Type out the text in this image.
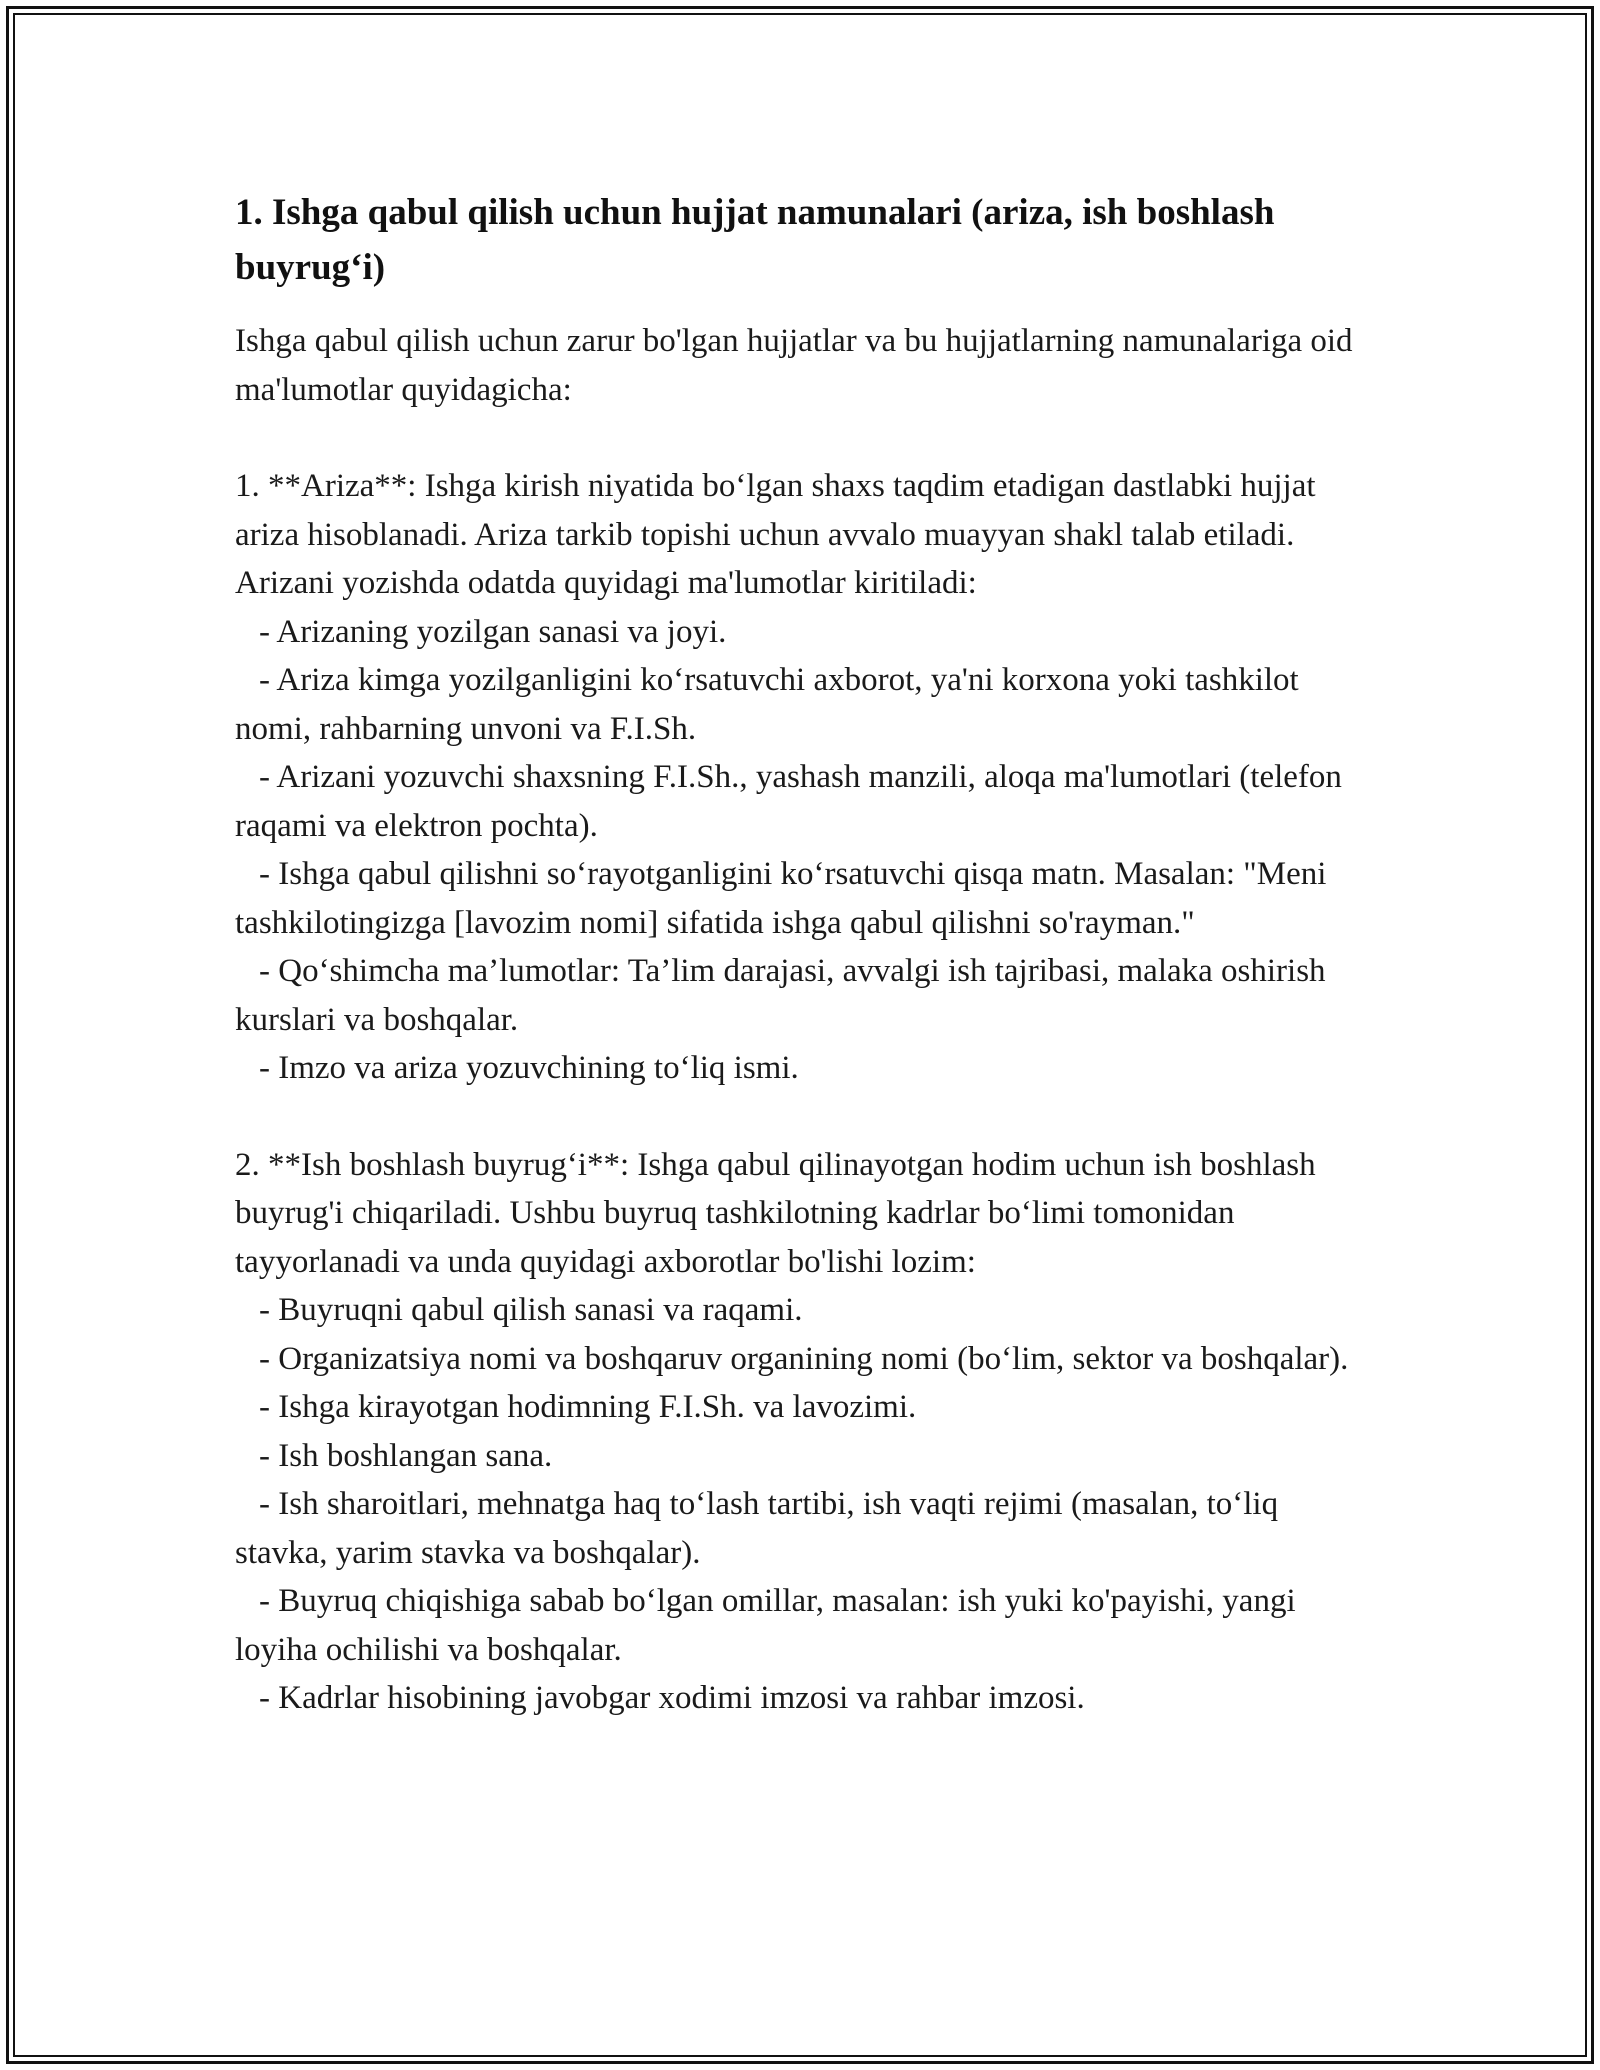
1. Ishga qabul qilish uchun hujjat namunalari (ariza, ish boshlash buyrug‘i)

Ishga qabul qilish uchun zarur bo'lgan hujjatlar va bu hujjatlarning namunalariga oid ma'lumotlar quyidagicha:

1. **Ariza**: Ishga kirish niyatida bo‘lgan shaxs taqdim etadigan dastlabki hujjat ariza hisoblanadi. Ariza tarkib topishi uchun avvalo muayyan shakl talab etiladi. Arizani yozishda odatda quyidagi ma'lumotlar kiritiladi:

- Arizaning yozilgan sanasi va joyi.

- Ariza kimga yozilganligini ko‘rsatuvchi axborot, ya'ni korxona yoki tashkilot nomi, rahbarning unvoni va F.I.Sh.

- Arizani yozuvchi shaxsning F.I.Sh., yashash manzili, aloqa ma'lumotlari (telefon raqami va elektron pochta).

- Ishga qabul qilishni so‘rayotganligini ko‘rsatuvchi qisqa matn. Masalan: "Meni tashkilotingizga [lavozim nomi] sifatida ishga qabul qilishni so'rayman."

- Qo‘shimcha ma’lumotlar: Ta’lim darajasi, avvalgi ish tajribasi, malaka oshirish kurslari va boshqalar.

- Imzo va ariza yozuvchining to‘liq ismi.

2. **Ish boshlash buyrug‘i**: Ishga qabul qilinayotgan hodim uchun ish boshlash buyrug'i chiqariladi. Ushbu buyruq tashkilotning kadrlar bo‘limi tomonidan tayyorlanadi va unda quyidagi axborotlar bo'lishi lozim:

- Buyruqni qabul qilish sanasi va raqami.

- Organizatsiya nomi va boshqaruv organining nomi (bo‘lim, sektor va boshqalar).

- Ishga kirayotgan hodimning F.I.Sh. va lavozimi.

- Ish boshlangan sana.

- Ish sharoitlari, mehnatga haq to‘lash tartibi, ish vaqti rejimi (masalan, to‘liq stavka, yarim stavka va boshqalar).

- Buyruq chiqishiga sabab bo‘lgan omillar, masalan: ish yuki ko'payishi, yangi loyiha ochilishi va boshqalar.

- Kadrlar hisobining javobgar xodimi imzosi va rahbar imzosi.
